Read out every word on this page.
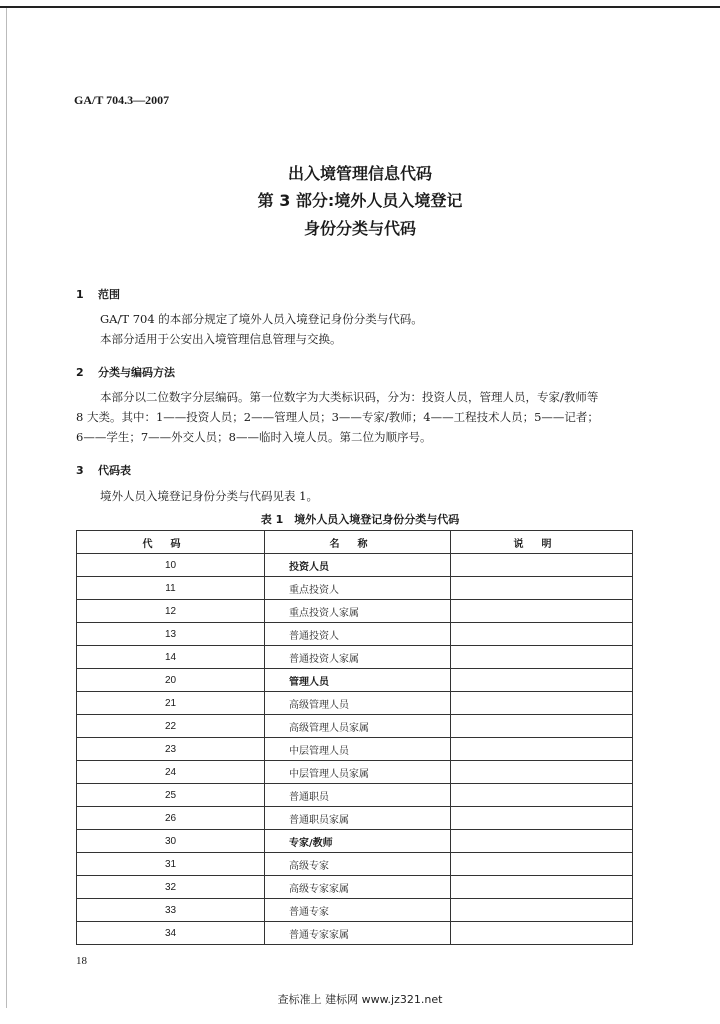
GA/T 704.3—2007
出入境管理信息代码
第 3 部分:境外人员入境登记
身份分类与代码
1 范围
GA/T 704 的本部分规定了境外人员入境登记身份分类与代码。
本部分适用于公安出入境管理信息管理与交换。
2 分类与编码方法
本部分以二位数字分层编码。第一位数字为大类标识码，分为：投资人员，管理人员，专家/教师等
8 大类。其中：1——投资人员；2——管理人员；3——专家/教师；4——工程技术人员；5——记者；
6——学生；7——外交人员；8——临时入境人员。第二位为顺序号。
3 代码表
境外人员入境登记身份分类与代码见表 1。
表 1　境外人员入境登记身份分类与代码
代码	名称	说明
10	投资人员	
11	重点投资人	
12	重点投资人家属	
13	普通投资人	
14	普通投资人家属	
20	管理人员	
21	高级管理人员	
22	高级管理人员家属	
23	中层管理人员	
24	中层管理人员家属	
25	普通职员	
26	普通职员家属	
30	专家/教师	
31	高级专家	
32	高级专家家属	
33	普通专家	
34	普通专家家属	
18
查标准上 建标网 www.jz321.net
